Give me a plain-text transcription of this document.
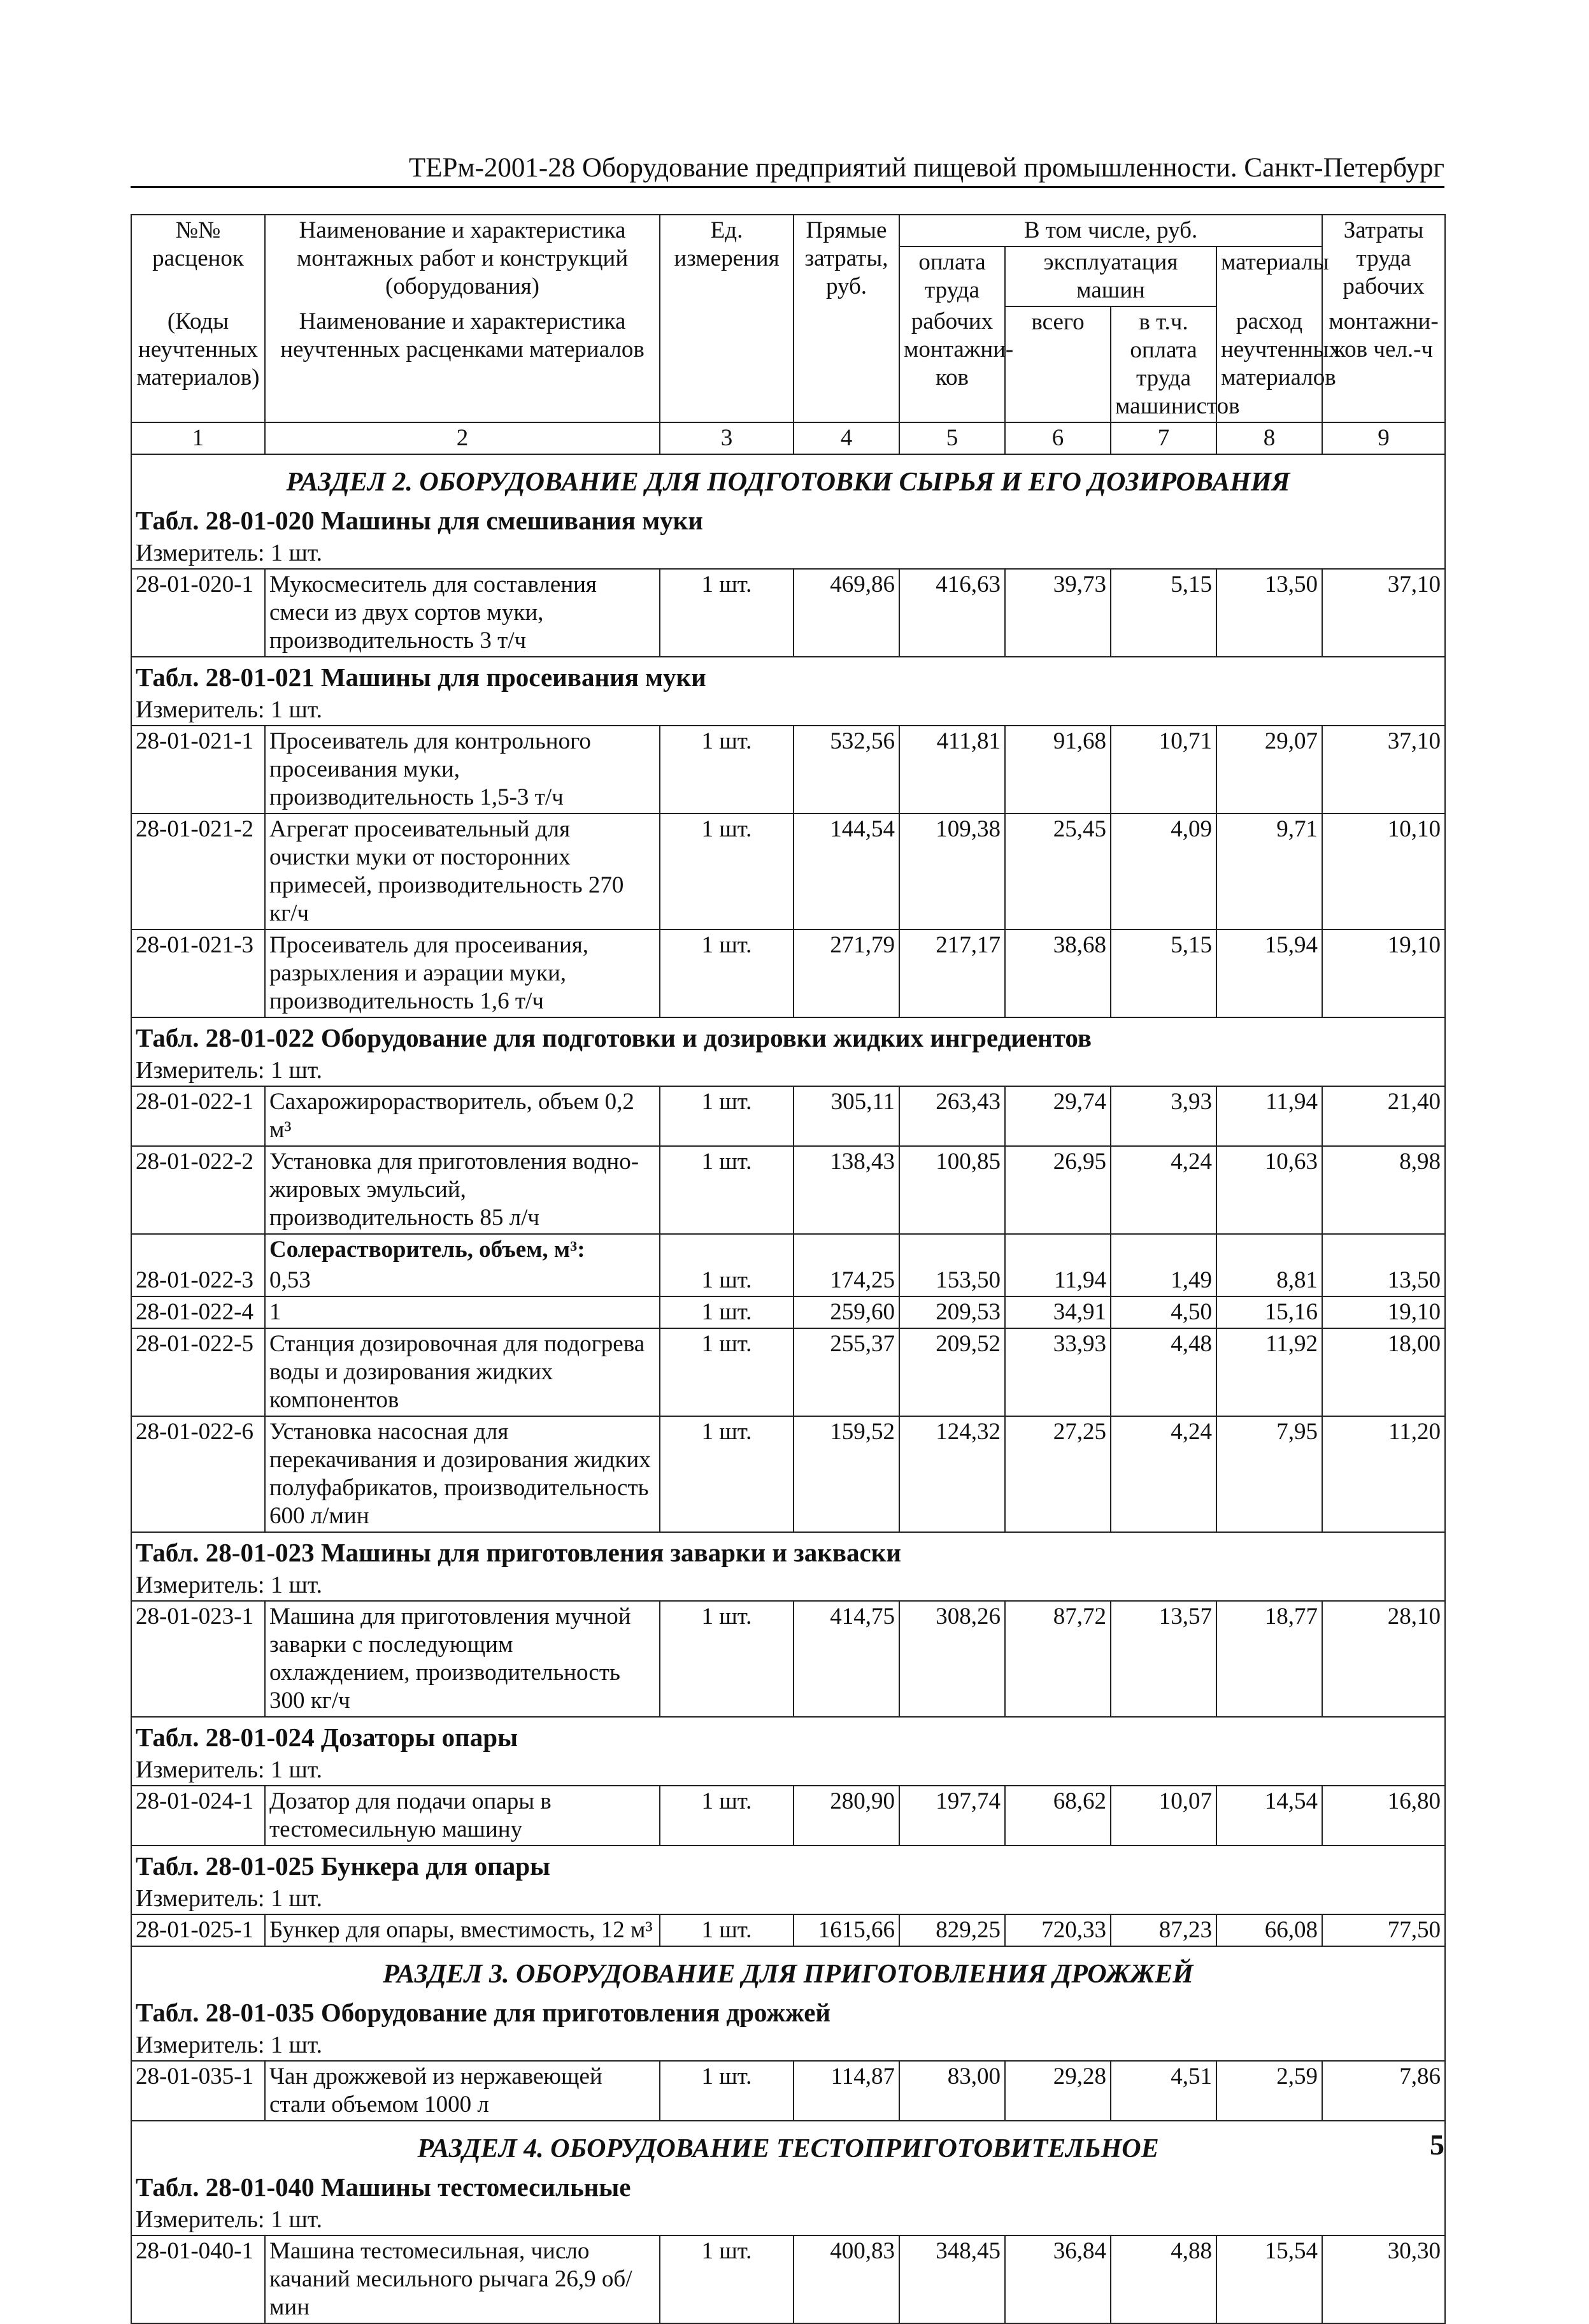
ТЕРм-2001-28 Оборудование предприятий пищевой промышленности. Санкт-Петербург
№№ расценок	Наименование и характеристика монтажных работ и конструкций (оборудования)	Ед. измерения	Прямые затраты, руб.	В том числе, руб.				Затраты труда рабочих
				оплата труда	эксплуатация машин		материалы	
(Коды неучтенных материалов)	Наименование и характеристика неучтенных расценками материалов			рабочих монтажни-ков	всего	в т.ч. оплата труда машинистов	расход неучтенных материалов	монтажни-ков чел.-ч

1	2	3	4	5	6	7	8	9
РАЗДЕЛ 2. ОБОРУДОВАНИЕ ДЛЯ ПОДГОТОВКИ СЫРЬЯ И ЕГО ДОЗИРОВАНИЯ								
Табл. 28-01-020 Машины для смешивания муки								
Измеритель: 1 шт.								
28-01-020-1	Мукосмеситель для составления смеси из двух сортов муки, производительность 3 т/ч	1 шт.	469,86	416,63	39,73	5,15	13,50	37,10
Табл. 28-01-021 Машины для просеивания муки								
Измеритель: 1 шт.								
28-01-021-1	Просеиватель для контрольного просеивания муки, производительность 1,5-3 т/ч	1 шт.	532,56	411,81	91,68	10,71	29,07	37,10
28-01-021-2	Агрегат просеивательный для очистки муки от посторонних примесей, производительность 270 кг/ч	1 шт.	144,54	109,38	25,45	4,09	9,71	10,10
28-01-021-3	Просеиватель для просеивания, разрыхления и аэрации муки, производительность 1,6 т/ч	1 шт.	271,79	217,17	38,68	5,15	15,94	19,10
Табл. 28-01-022 Оборудование для подготовки и дозировки жидких ингредиентов								
Измеритель: 1 шт.								
28-01-022-1	Сахарожирорастворитель, объем 0,2 м³	1 шт.	305,11	263,43	29,74	3,93	11,94	21,40
28-01-022-2	Установка для приготовления водно-жировых эмульсий, производительность 85 л/ч	1 шт.	138,43	100,85	26,95	4,24	10,63	8,98
	Солерастворитель, объем, м³:							
28-01-022-3	0,53	1 шт.	174,25	153,50	11,94	1,49	8,81	13,50
28-01-022-4	1	1 шт.	259,60	209,53	34,91	4,50	15,16	19,10
28-01-022-5	Станция дозировочная для подогрева воды и дозирования жидких компонентов	1 шт.	255,37	209,52	33,93	4,48	11,92	18,00
28-01-022-6	Установка насосная для перекачивания и дозирования жидких полуфабрикатов, производительность 600 л/мин	1 шт.	159,52	124,32	27,25	4,24	7,95	11,20
Табл. 28-01-023 Машины для приготовления заварки и закваски								
Измеритель: 1 шт.								
28-01-023-1	Машина для приготовления мучной заварки с последующим охлаждением, производительность 300 кг/ч	1 шт.	414,75	308,26	87,72	13,57	18,77	28,10
Табл. 28-01-024 Дозаторы опары								
Измеритель: 1 шт.								
28-01-024-1	Дозатор для подачи опары в тестомесильную машину	1 шт.	280,90	197,74	68,62	10,07	14,54	16,80
Табл. 28-01-025 Бункера для опары								
Измеритель: 1 шт.								
28-01-025-1	Бункер для опары, вместимость, 12 м³	1 шт.	1615,66	829,25	720,33	87,23	66,08	77,50
РАЗДЕЛ 3. ОБОРУДОВАНИЕ ДЛЯ ПРИГОТОВЛЕНИЯ ДРОЖЖЕЙ								
Табл. 28-01-035 Оборудование для приготовления дрожжей								
Измеритель: 1 шт.								
28-01-035-1	Чан дрожжевой из нержавеющей стали объемом 1000 л	1 шт.	114,87	83,00	29,28	4,51	2,59	7,86
РАЗДЕЛ 4. ОБОРУДОВАНИЕ ТЕСТОПРИГОТОВИТЕЛЬНОЕ								
Табл. 28-01-040 Машины тестомесильные								
Измеритель: 1 шт.								
28-01-040-1	Машина тестомесильная, число качаний месильного рычага 26,9 об/мин	1 шт.	400,83	348,45	36,84	4,88	15,54	30,30
5
